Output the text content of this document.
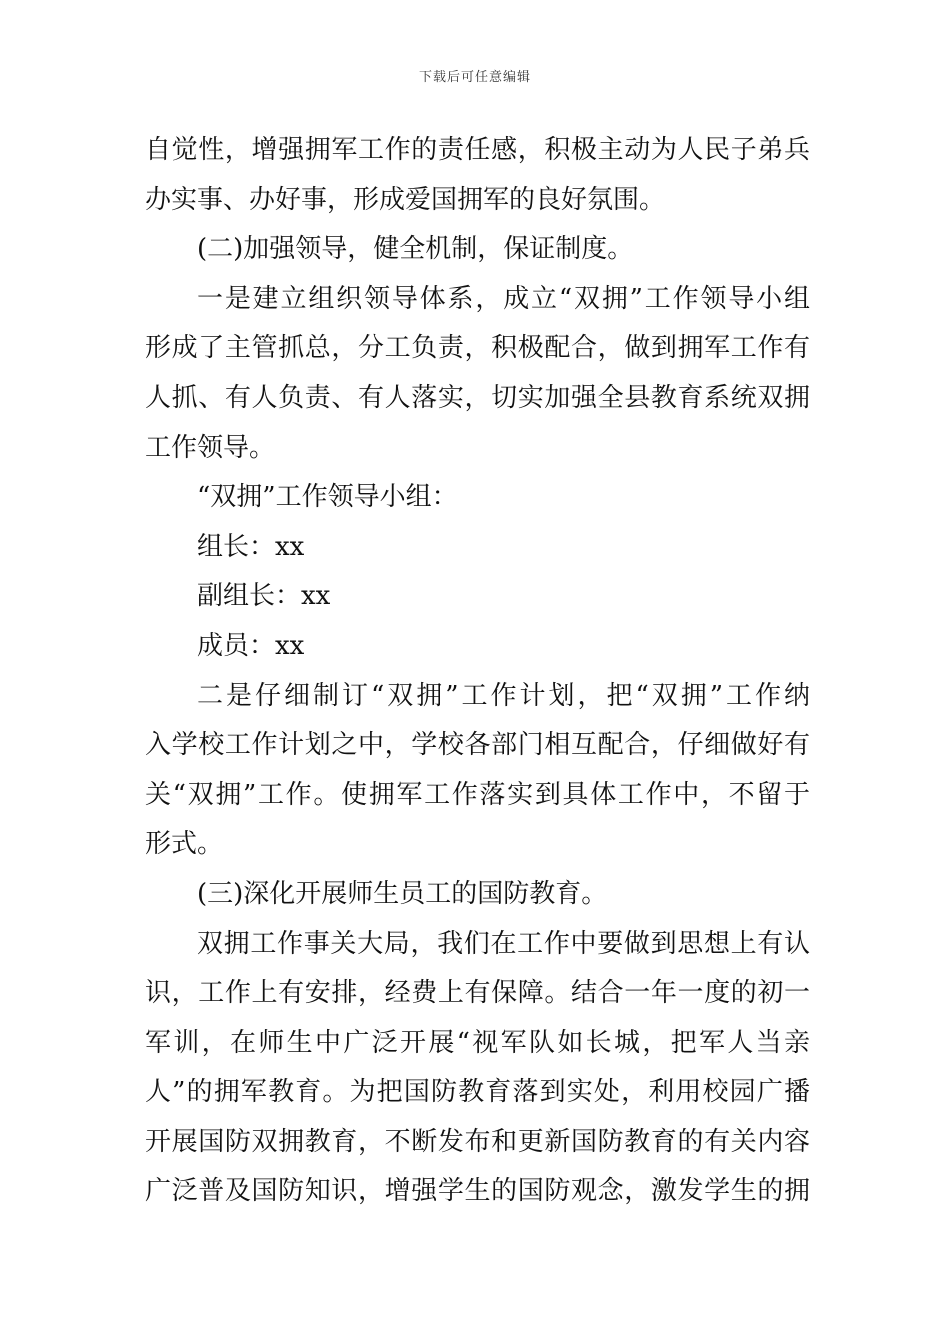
下载后可任意编辑
自觉性，增强拥军工作的责任感，积极主动为人民子弟兵
办实事、办好事，形成爱国拥军的良好氛围。
(二)加强领导，健全机制，保证制度。
一是建立组织领导体系，成立“双拥”工作领导小组
形成了主管抓总，分工负责，积极配合，做到拥军工作有
人抓、有人负责、有人落实，切实加强全县教育系统双拥
工作领导。
“双拥”工作领导小组：
组长：xx
副组长：xx
成员：xx
二是仔细制订“双拥”工作计划，把“双拥”工作纳
入学校工作计划之中，学校各部门相互配合，仔细做好有
关“双拥”工作。使拥军工作落实到具体工作中，不留于
形式。
(三)深化开展师生员工的国防教育。
双拥工作事关大局，我们在工作中要做到思想上有认
识，工作上有安排，经费上有保障。结合一年一度的初一
军训，在师生中广泛开展“视军队如长城，把军人当亲
人”的拥军教育。为把国防教育落到实处，利用校园广播
开展国防双拥教育，不断发布和更新国防教育的有关内容
广泛普及国防知识，增强学生的国防观念，激发学生的拥
